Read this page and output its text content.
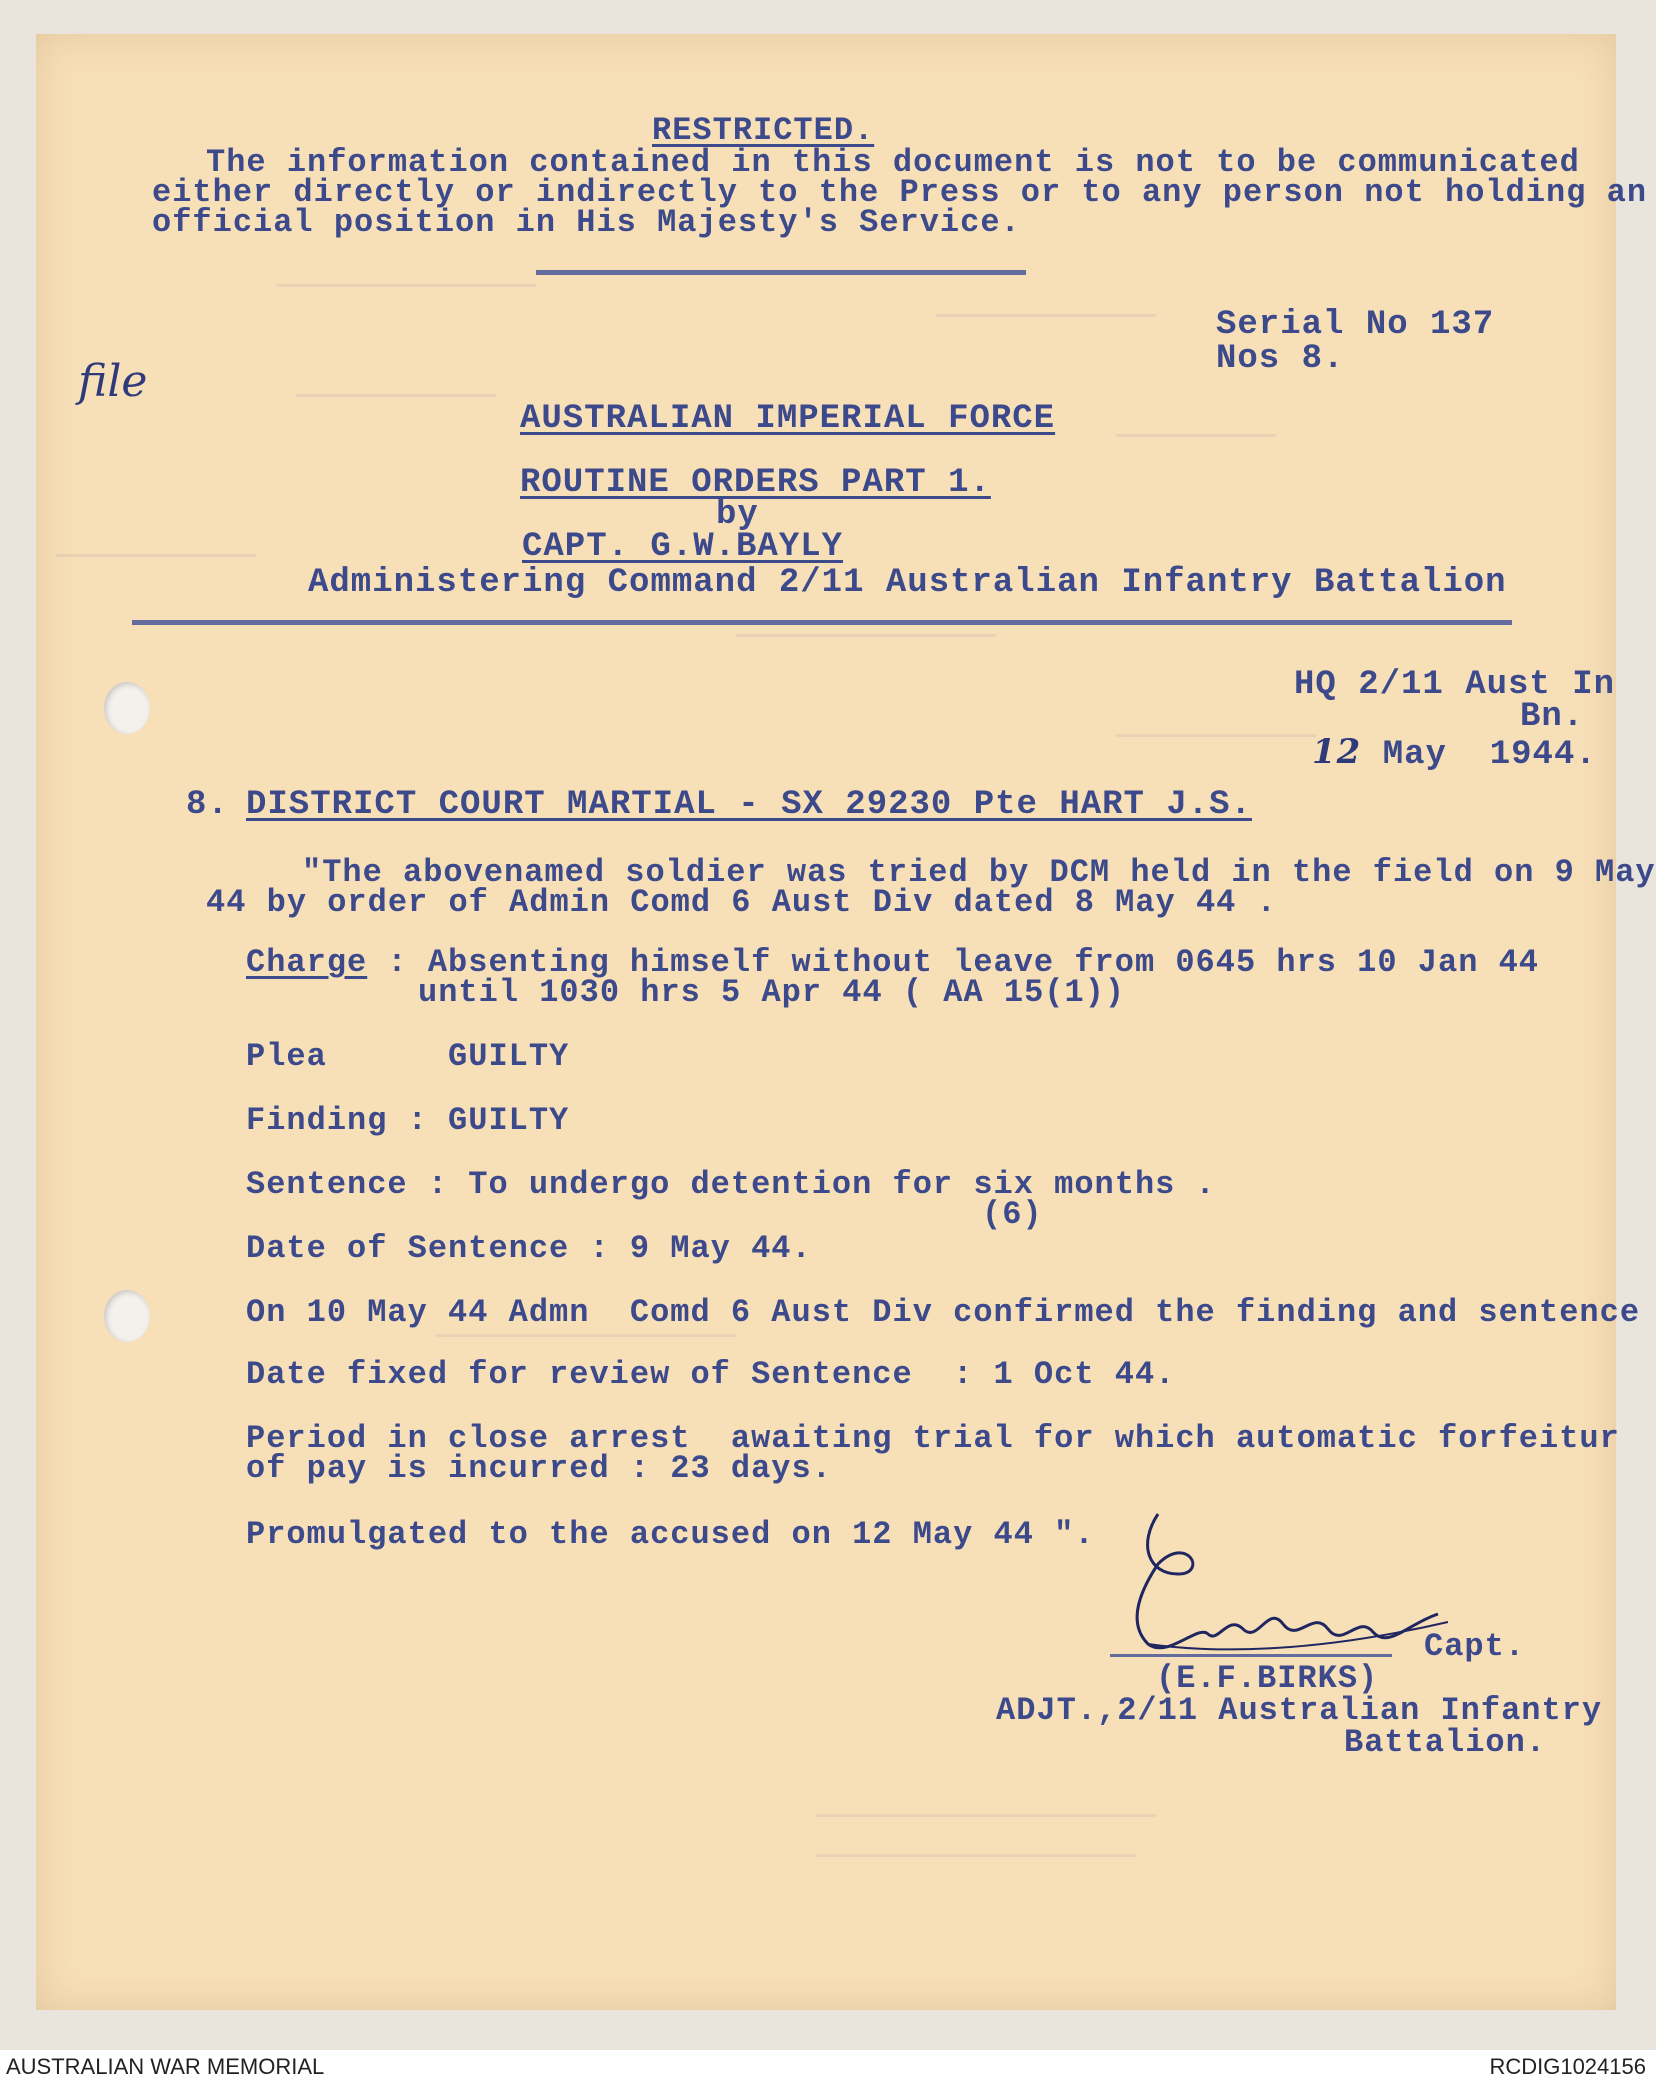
RESTRICTED.
The information contained in this document is not to be communicated
either directly or indirectly to the Press or to any person not holding an
official position in His Majesty's Service.
Serial No 137
Nos 8.
file
AUSTRALIAN IMPERIAL FORCE
ROUTINE ORDERS PART 1.
by
CAPT. G.W.BAYLY
Administering Command 2/11 Australian Infantry Battalion
HQ 2/11 Aust In
Bn.
12 May  1944.
8. DISTRICT COURT MARTIAL - SX 29230 Pte HART J.S.
"The abovenamed soldier was tried by DCM held in the field on 9 May
44 by order of Admin Comd 6 Aust Div dated 8 May 44 .
Charge : Absenting himself without leave from 0645 hrs 10 Jan 44
until 1030 hrs 5 Apr 44 ( AA 15(1))
Plea      GUILTY
Finding : GUILTY
Sentence : To undergo detention for six months .
(6)
Date of Sentence : 9 May 44.
On 10 May 44 Admn  Comd 6 Aust Div confirmed the finding and sentence
Date fixed for review of Sentence  : 1 Oct 44.
Period in close arrest  awaiting trial for which automatic forfeitur
of pay is incurred : 23 days.
Promulgated to the accused on 12 May 44 ".
Capt.
(E.F.BIRKS)
ADJT.,2/11 Australian Infantry
Battalion.
AUSTRALIAN WAR MEMORIAL	RCDIG1024156
